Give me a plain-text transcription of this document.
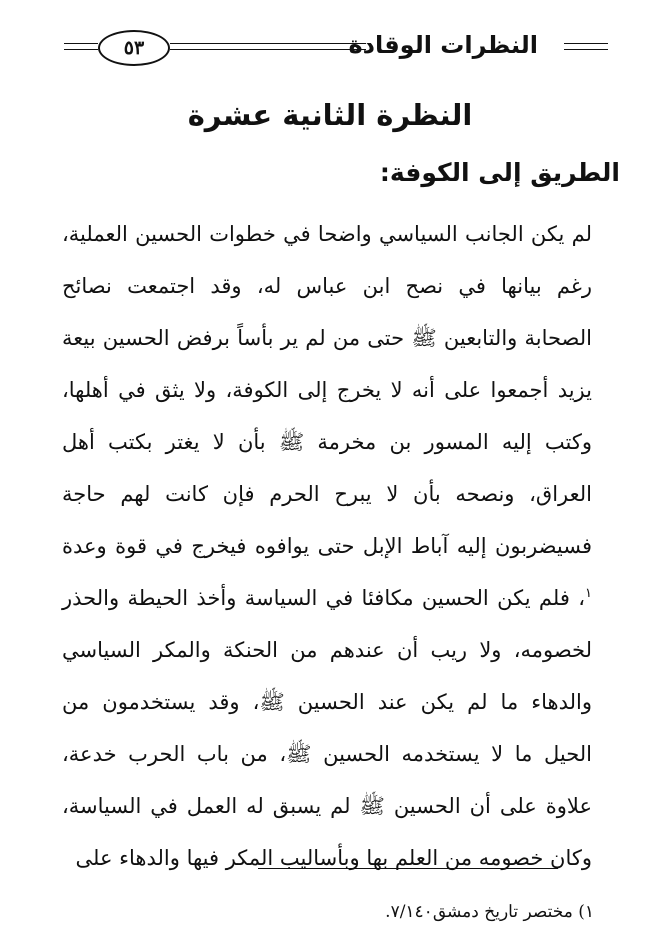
٥٣	النظرات الوقادة
النظرة الثانية عشرة
الطريق إلى الكوفة:
لم يكن الجانب السياسي واضحا في خطوات الحسين العملية،
رغم بيانها في نصح ابن عباس له، وقد اجتمعت نصائح
الصحابة والتابعين ﷺ حتى من لم ير بأساً برفض الحسين بيعة
يزيد أجمعوا على أنه لا يخرج إلى الكوفة، ولا يثق في أهلها،
وكتب إليه المسور بن مخرمة ﷺ بأن لا يغتر بكتب أهل
العراق، ونصحه بأن لا يبرح الحرم فإن كانت لهم حاجة
فسيضربون إليه آباط الإبل حتى يوافوه فيخرج في قوة وعدة
$^١$، فلم يكن الحسين مكافئا في السياسة وأخذ الحيطة والحذر
لخصومه، ولا ريب أن عندهم من الحنكة والمكر السياسي
والدهاء ما لم يكن عند الحسين ﷺ، وقد يستخدمون من
الحيل ما لا يستخدمه الحسين ﷺ، من باب الحرب خدعة،
علاوة على أن الحسين ﷺ لم يسبق له العمل في السياسة،
وكان خصومه من العلم بها وبأساليب المكر فيها والدهاء على
١) مختصر تاريخ دمشق٧/١٤٠.
